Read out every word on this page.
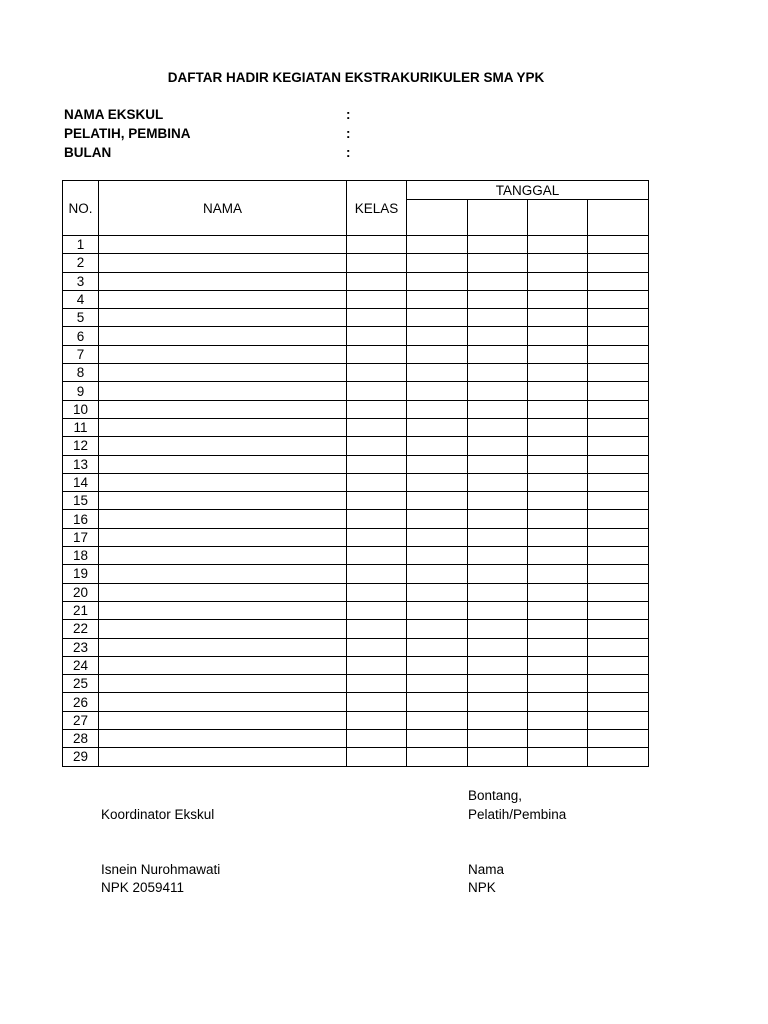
DAFTAR HADIR KEGIATAN EKSTRAKURIKULER SMA YPK
NAMA EKSKUL	:
PELATIH, PEMBINA	:
BULAN	:
NO.	NAMA	KELAS	TANGGAL			

1						
2						
3						
4						
5						
6						
7						
8						
9						
10						
11						
12						
13						
14						
15						
16						
17						
18						
19						
20						
21						
22						
23						
24						
25						
26						
27						
28						
29						
Koordinator Ekskul
Isnein Nurohmawati
NPK 2059411
Bontang,
Pelatih/Pembina
Nama
NPK
